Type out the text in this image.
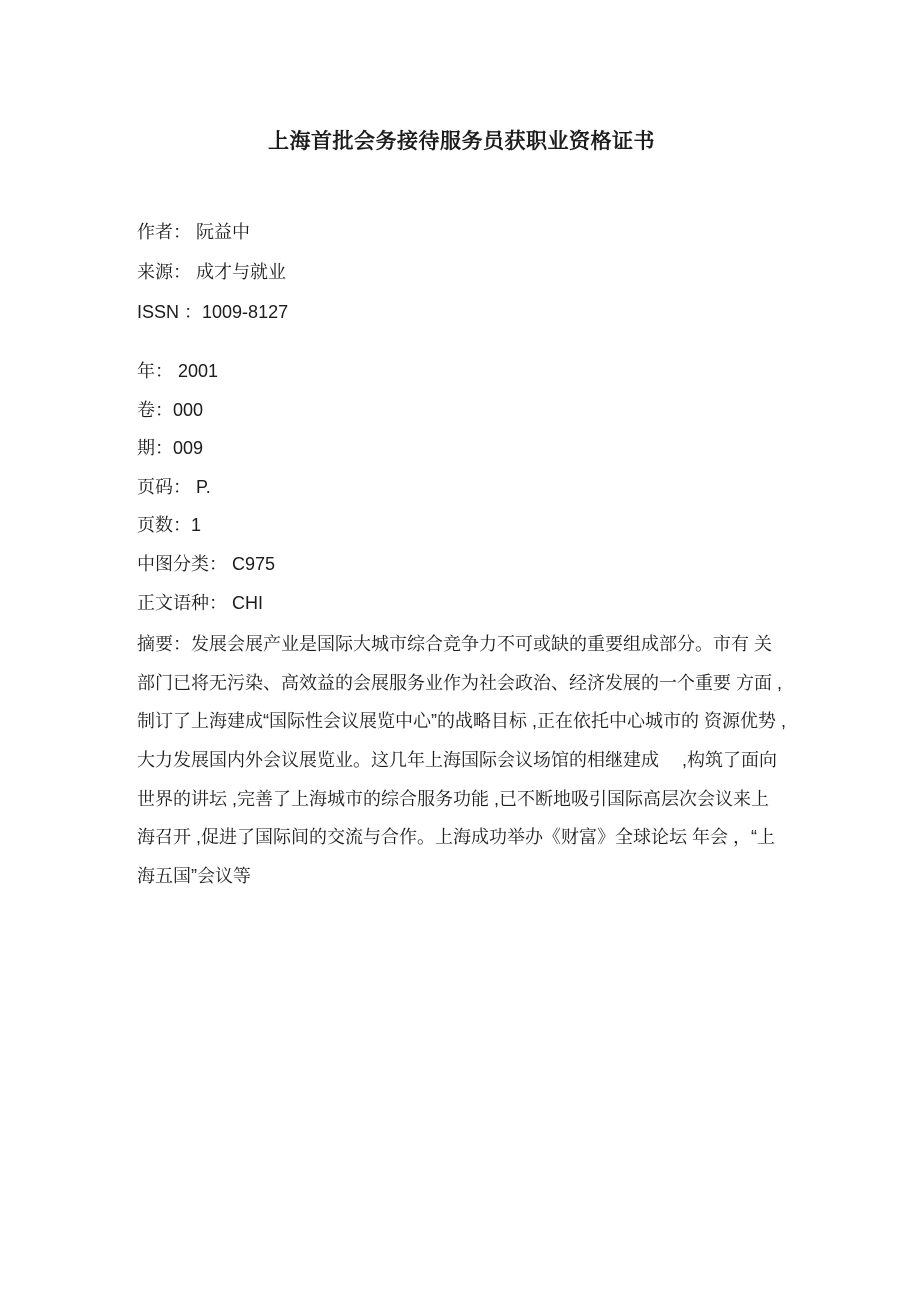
上海首批会务接待服务员获职业资格证书
作者： 阮益中
来源： 成才与就业
ISSN ：1009-8127
年： 2001
卷：000
期：009
页码： P.
页数：1
中图分类： C975
正文语种： CHI

摘要：发展会展产业是国际大城市综合竞争力不可或缺的重要组成部分。市有 关部门已将无污染、高效益的会展服务业作为社会政治、经济发展的一个重要 方面 ,制订了上海建成“国际性会议展览中心”的战略目标 ,正在依托中心城市的 资源优势 ,大力发展国内外会议展览业。这几年上海国际会议场馆的相继建成　 ,构筑了面向世界的讲坛 ,完善了上海城市的综合服务功能 ,已不断地吸引国际高层次会议来上海召开 ,促进了国际间的交流与合作。上海成功举办《财富》全球论坛 年会 ，“上海五国”会议等
